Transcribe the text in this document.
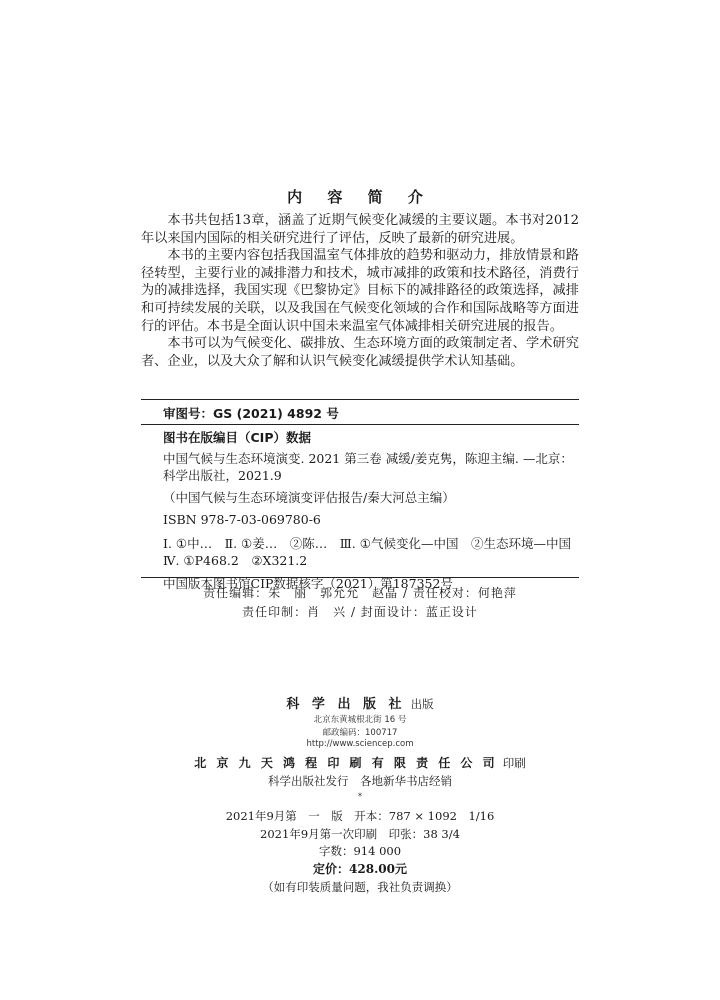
内 容 简 介

本书共包括13章，涵盖了近期气候变化减缓的主要议题。本书对2012年以来国内国际的相关研究进行了评估，反映了最新的研究进展。

本书的主要内容包括我国温室气体排放的趋势和驱动力，排放情景和路径转型，主要行业的减排潜力和技术，城市减排的政策和技术路径，消费行为的减排选择，我国实现《巴黎协定》目标下的减排路径的政策选择，减排和可持续发展的关联，以及我国在气候变化领域的合作和国际战略等方面进行的评估。本书是全面认识中国未来温室气体减排相关研究进展的报告。

本书可以为气候变化、碳排放、生态环境方面的政策制定者、学术研究者、企业，以及大众了解和认识气候变化减缓提供学术认知基础。

审图号：GS (2021) 4892 号

图书在版编目（CIP）数据

中国气候与生态环境演变. 2021 第三卷 减缓/姜克隽，陈迎主编. —北京：科学出版社，2021.9

（中国气候与生态环境演变评估报告/秦大河总主编）

ISBN 978-7-03-069780-6

Ⅰ. ①中…　Ⅱ. ①姜…　②陈…　Ⅲ. ①气候变化—中国　②生态环境—中国　Ⅳ. ①P468.2　②X321.2

中国版本图书馆CIP数据核字（2021）第187352号

责任编辑：朱　丽　郭允允　赵晶 / 责任校对：何艳萍
责任印制：肖　兴 / 封面设计：蓝正设计
科 学 出 版 社 出版
北京东黄城根北街 16 号
邮政编码：100717
http://www.sciencep.com
北 京 九 天 鸿 程 印 刷 有 限 责 任 公 司 印刷
科学出版社发行　各地新华书店经销
*
2021年9月第　一　版　开本：787 × 1092　1/16
2021年9月第一次印刷　印张：38 3/4
字数：914 000
定价：428.00元
（如有印装质量问题，我社负责调换）
